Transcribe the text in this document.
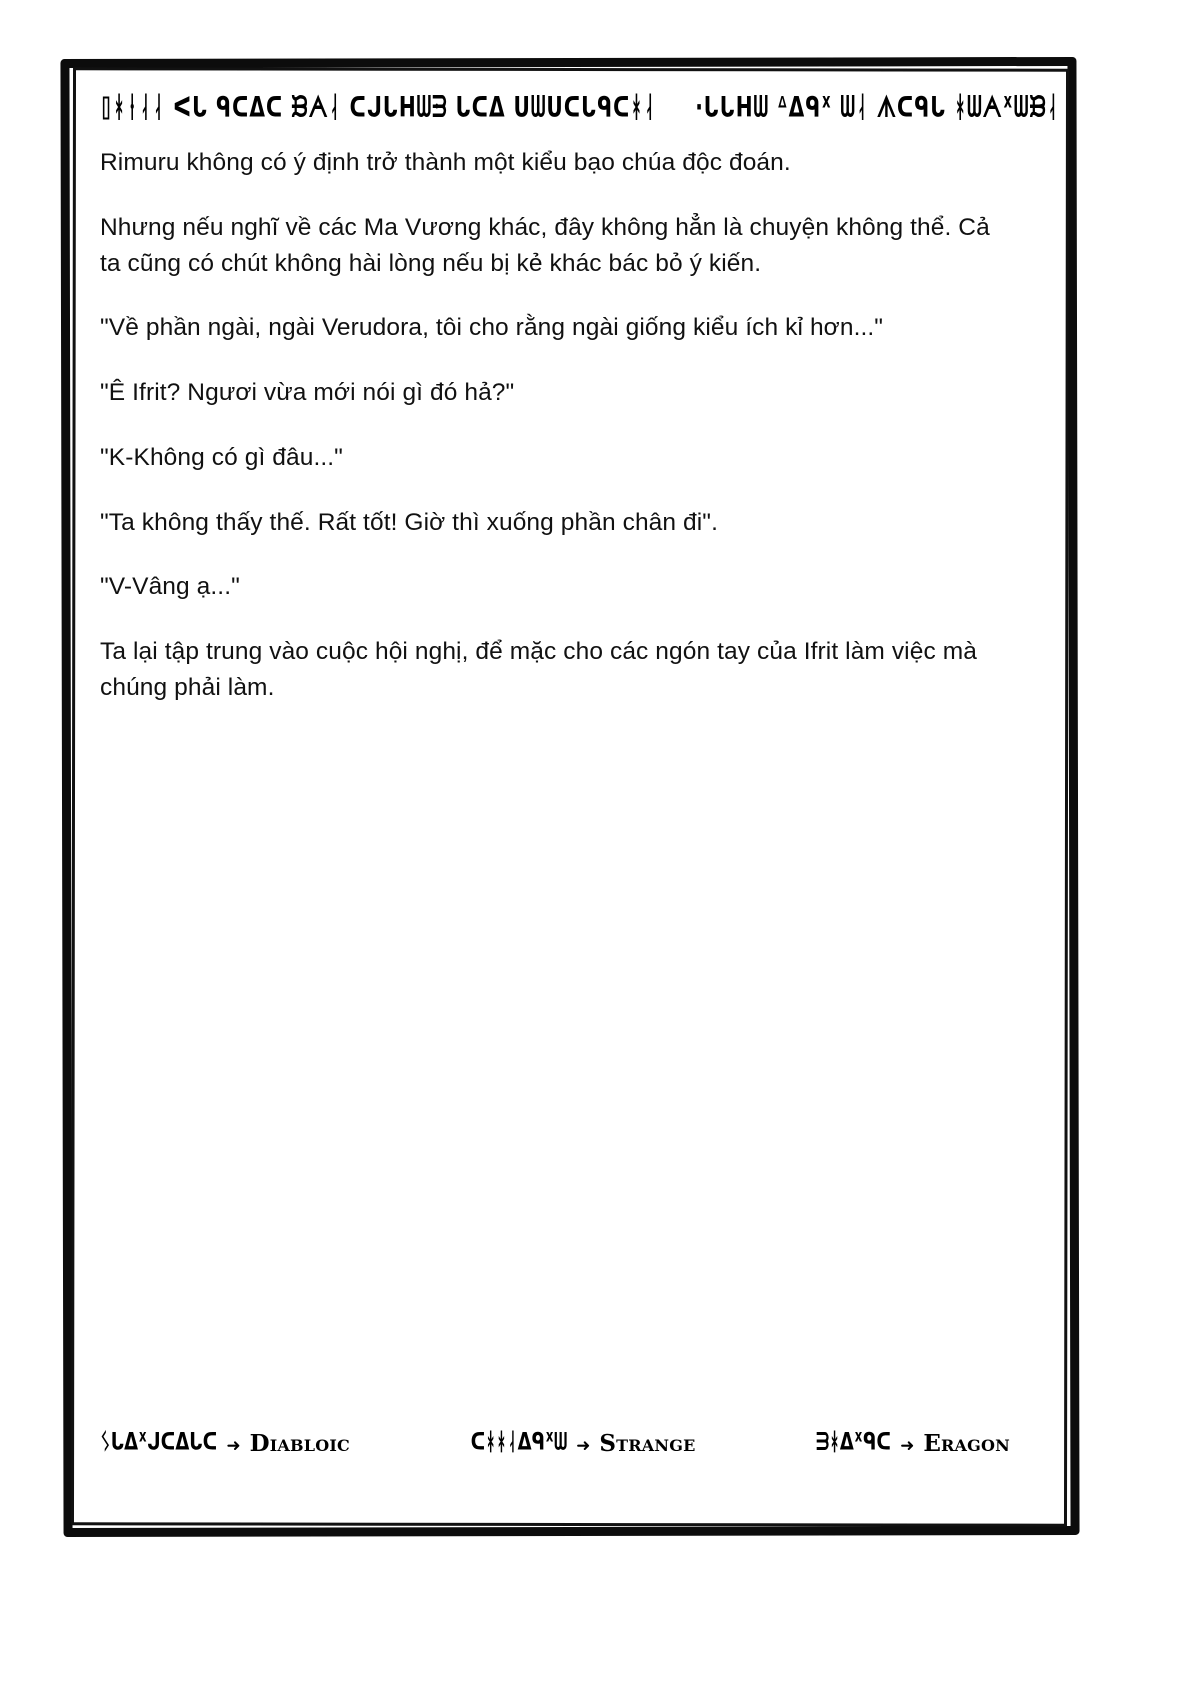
⌷ᚼᚽᛆᛆ ᐸᒐ ᑫᑕᐃᑕ ᙖᗅᛆ ᑕᒍᒐᕼᗯᗳ ᒐᑕᐃ ᑌᗯᑌᑕᒐᑫᑕᚼᛆ ·ᒐᒐᕼᗯ ᐞᐃᑫᕽ ᗯᛆ ᗑᑕᑫᒐ ᚼᗯᗅᕽᗯᙖᛆ

Rimuru không có ý định trở thành một kiểu bạo chúa độc đoán.

Nhưng nếu nghĩ về các Ma Vương khác, đây không hẳn là chuyện không thể. Cả ta cũng có chút không hài lòng nếu bị kẻ khác bác bỏ ý kiến.

"Về phần ngài, ngài Verudora, tôi cho rằng ngài giống kiểu ích kỉ hơn..."

"Ê Ifrit? Ngươi vừa mới nói gì đó hả?"

"K-Không có gì đâu..."

"Ta không thấy thế. Rất tốt! Giờ thì xuống phần chân đi".

"V-Vâng ạ..."

Ta lại tập trung vào cuộc hội nghị, để mặc cho các ngón tay của Ifrit làm việc mà chúng phải làm.

ᛊᒐᐃᕽᒍᑕᐃᒐᑕ ➜ Diabloic	ᑕᚼᚼᛆᐃᑫᕽᗯ ➜ Strange	ᗱᚼᐃᕽᑫᑕ ➜ Eragon
